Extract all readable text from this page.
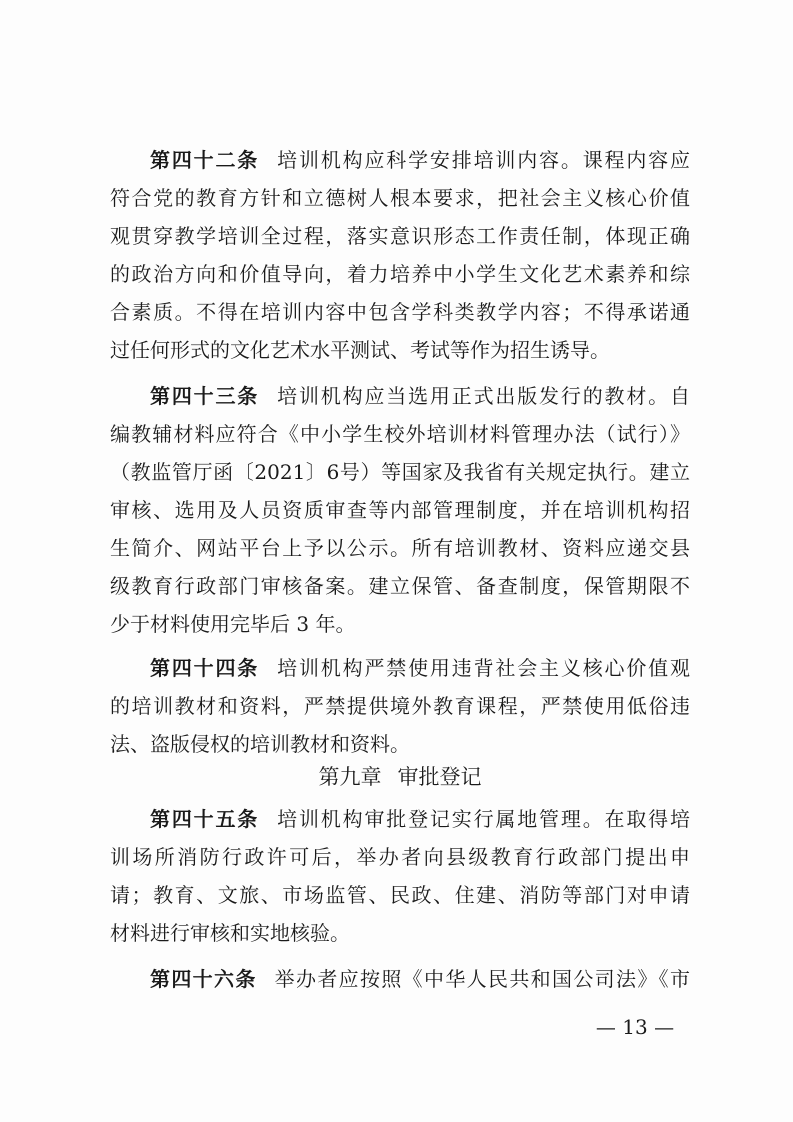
第四十二条 培训机构应科学安排培训内容。课程内容应
符合党的教育方针和立德树人根本要求，把社会主义核心价值
观贯穿教学培训全过程，落实意识形态工作责任制，体现正确
的政治方向和价值导向，着力培养中小学生文化艺术素养和综
合素质。不得在培训内容中包含学科类教学内容；不得承诺通
过任何形式的文化艺术水平测试、考试等作为招生诱导。
第四十三条 培训机构应当选用正式出版发行的教材。自
编教辅材料应符合《中小学生校外培训材料管理办法（试行）》
（教监管厅函〔2021〕6号）等国家及我省有关规定执行。建立
审核、选用及人员资质审查等内部管理制度，并在培训机构招
生简介、网站平台上予以公示。所有培训教材、资料应递交县
级教育行政部门审核备案。建立保管、备查制度，保管期限不
少于材料使用完毕后 3 年。
第四十四条 培训机构严禁使用违背社会主义核心价值观
的培训教材和资料，严禁提供境外教育课程，严禁使用低俗违
法、盗版侵权的培训教材和资料。
第九章 审批登记
第四十五条 培训机构审批登记实行属地管理。在取得培
训场所消防行政许可后，举办者向县级教育行政部门提出申
请；教育、文旅、市场监管、民政、住建、消防等部门对申请
材料进行审核和实地核验。
第四十六条 举办者应按照《中华人民共和国公司法》《市
— 13 —
